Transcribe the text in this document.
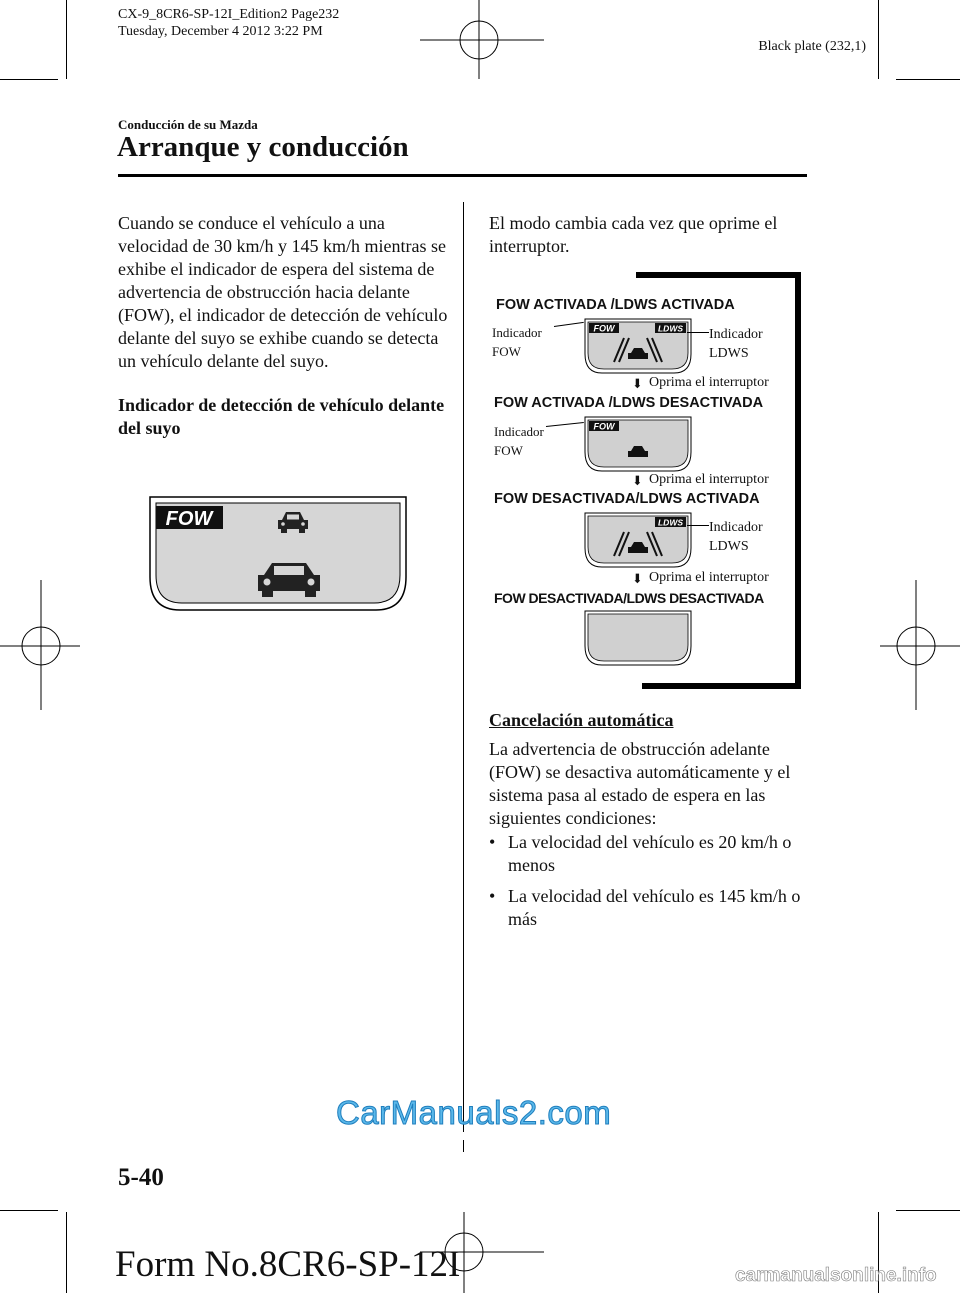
CX-9_8CR6-SP-12I_Edition2 Page232
Tuesday, December 4 2012 3:22 PM
Black plate (232,1)
Conducción de su Mazda
Arranque y conducción
Cuando se conduce el vehículo a una velocidad de 30 km/h y 145 km/h mientras se exhibe el indicador de espera del sistema de advertencia de obstrucción hacia delante (FOW), el indicador de detección de vehículo delante del suyo se exhibe cuando se detecta un vehículo delante del suyo.
Indicador de detección de vehículo delante del suyo
FOW
El modo cambia cada vez que oprime el interruptor.
FOW ACTIVADA /LDWS ACTIVADA
FOW	LDWS
Indicador
FOW
Indicador
LDWS
⬇ Oprima el interruptor
FOW ACTIVADA /LDWS DESACTIVADA
FOW
Indicador
FOW
⬇ Oprima el interruptor
FOW DESACTIVADA/LDWS ACTIVADA
LDWS Indicador
LDWS
⬇ Oprima el interruptor
FOW DESACTIVADA/LDWS DESACTIVADA
Cancelación automática
La advertencia de obstrucción adelante (FOW) se desactiva automáticamente y el sistema pasa al estado de espera en las siguientes condiciones:
• La velocidad del vehículo es 20 km/h o menos
• La velocidad del vehículo es 145 km/h o más
CarManuals2.com
5-40
Form No.8CR6-SP-12I	carmanualsonline.info
